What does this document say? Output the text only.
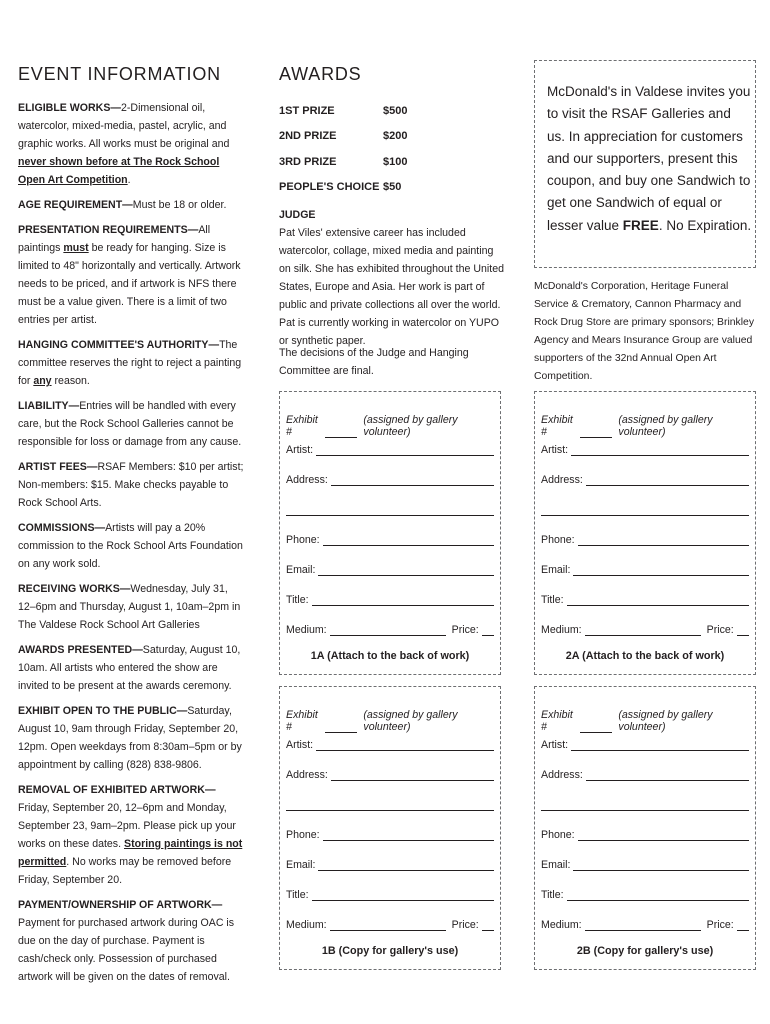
EVENT INFORMATION

ELIGIBLE WORKS—2-Dimensional oil, watercolor, mixed-media, pastel, acrylic, and graphic works. All works must be original and never shown before at The Rock School Open Art Competition.

AGE REQUIREMENT—Must be 18 or older.

PRESENTATION REQUIREMENTS—All paintings must be ready for hanging. Size is limited to 48" horizontally and vertically. Artwork needs to be priced, and if artwork is NFS there must be a value given. There is a limit of two entries per artist.

HANGING COMMITTEE'S AUTHORITY—The committee reserves the right to reject a painting for any reason.

LIABILITY—Entries will be handled with every care, but the Rock School Galleries cannot be responsible for loss or damage from any cause.

ARTIST FEES—RSAF Members: $10 per artist; Non-members: $15. Make checks payable to Rock School Arts.

COMMISSIONS—Artists will pay a 20% commission to the Rock School Arts Foundation on any work sold.

RECEIVING WORKS—Wednesday, July 31, 12–6pm and Thursday, August 1, 10am–2pm in The Valdese Rock School Art Galleries

AWARDS PRESENTED—Saturday, August 10, 10am. All artists who entered the show are invited to be present at the awards ceremony.

EXHIBIT OPEN TO THE PUBLIC—Saturday, August 10, 9am through Friday, September 20, 12pm. Open weekdays from 8:30am–5pm or by appointment by calling (828) 838-9806.

REMOVAL OF EXHIBITED ARTWORK—Friday, September 20, 12–6pm and Monday, September 23, 9am–2pm. Please pick up your works on these dates. Storing paintings is not permitted. No works may be removed before Friday, September 20.

PAYMENT/OWNERSHIP OF ARTWORK—Payment for purchased artwork during OAC is due on the day of purchase. Payment is cash/check only. Possession of purchased artwork will be given on the dates of removal.

AWARDS
1ST PRIZE	$500
2ND PRIZE	$200
3RD PRIZE	$100
PEOPLE'S CHOICE $50
JUDGE
Pat Viles' extensive career has included watercolor, collage, mixed media and painting on silk. She has exhibited throughout the United States, Europe and Asia. Her work is part of public and private collections all over the world. Pat is currently working in watercolor on YUPO or synthetic paper.
The decisions of the Judge and Hanging Committee are final.
McDonald's in Valdese invites you to visit the RSAF Galleries and us. In appreciation for customers and our supporters, present this coupon, and buy one Sandwich to get one Sandwich of equal or lesser value FREE. No Expiration.
McDonald's Corporation, Heritage Funeral Service & Crematory, Cannon Pharmacy and Rock Drug Store are primary sponsors; Brinkley Agency and Mears Insurance Group are valued supporters of the 32nd Annual Open Art Competition.
Exhibit #
(assigned by gallery volunteer)
Artist:
Address:
Phone:
Email:
Title:
Medium:	Price:
1A (Attach to the back of work)
Exhibit #
(assigned by gallery volunteer)
Artist:
Address:
Phone:
Email:
Title:
Medium:	Price:
2A (Attach to the back of work)
Exhibit #
(assigned by gallery volunteer)
Artist:
Address:
Phone:
Email:
Title:
Medium:	Price:
1B (Copy for gallery's use)
Exhibit #
(assigned by gallery volunteer)
Artist:
Address:
Phone:
Email:
Title:
Medium:	Price:
2B (Copy for gallery's use)
